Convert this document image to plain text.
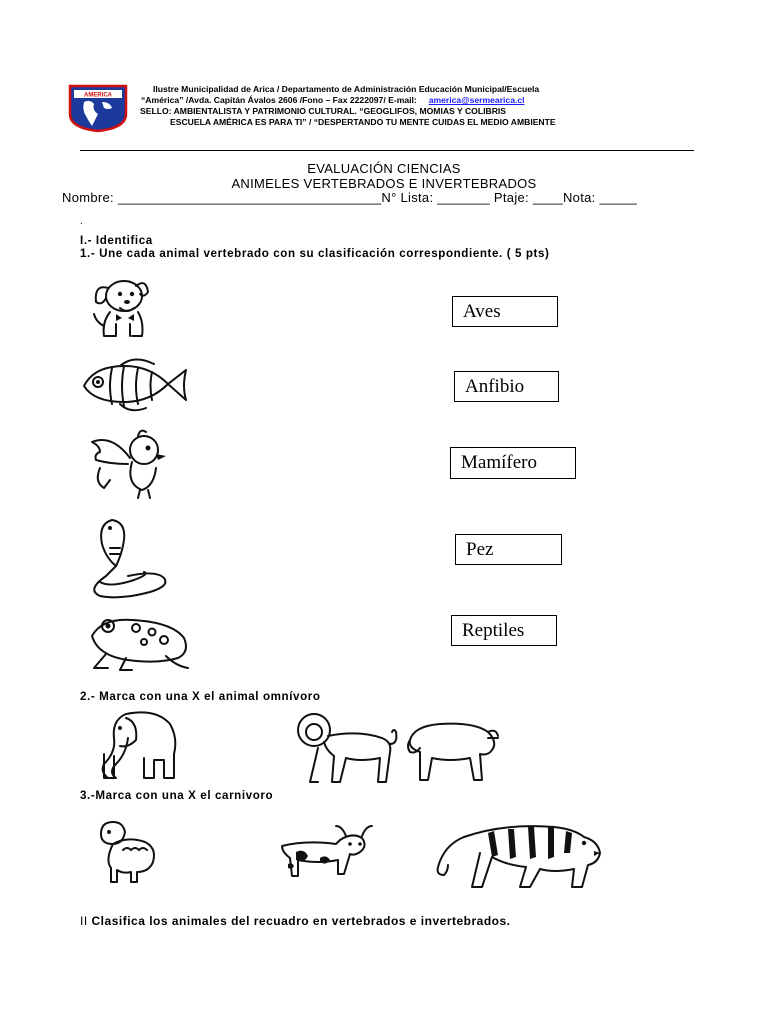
AMERICA
Ilustre Municipalidad de Arica / Departamento de Administración Educación Municipal/Escuela
“América” /Avda. Capitán Ávalos 2606 /Fono – Fax 2222097/ E-mail: america@sermearica.cl
SELLO: AMBIENTALISTA Y PATRIMONIO CULTURAL. “GEOGLIFOS, MOMIAS Y COLIBRIS
ESCUELA AMÉRICA ES PARA TI” / “DESPERTANDO TU MENTE CUIDAS EL MEDIO AMBIENTE
EVALUACIÓN CIENCIAS
ANIMELES VERTEBRADOS E INVERTEBRADOS
Nombre: ___________________________________N° Lista: _______ Ptaje: ____Nota: _____
.
I.- Identifica
1.- Une cada animal vertebrado con su clasificación correspondiente. ( 5 pts)
Aves
Anfibio
Mamífero
Pez
Reptiles
2.- Marca con una X el animal omnívoro
3.-Marca con una X el carnivoro
II Clasifica los animales del recuadro en vertebrados e invertebrados.
